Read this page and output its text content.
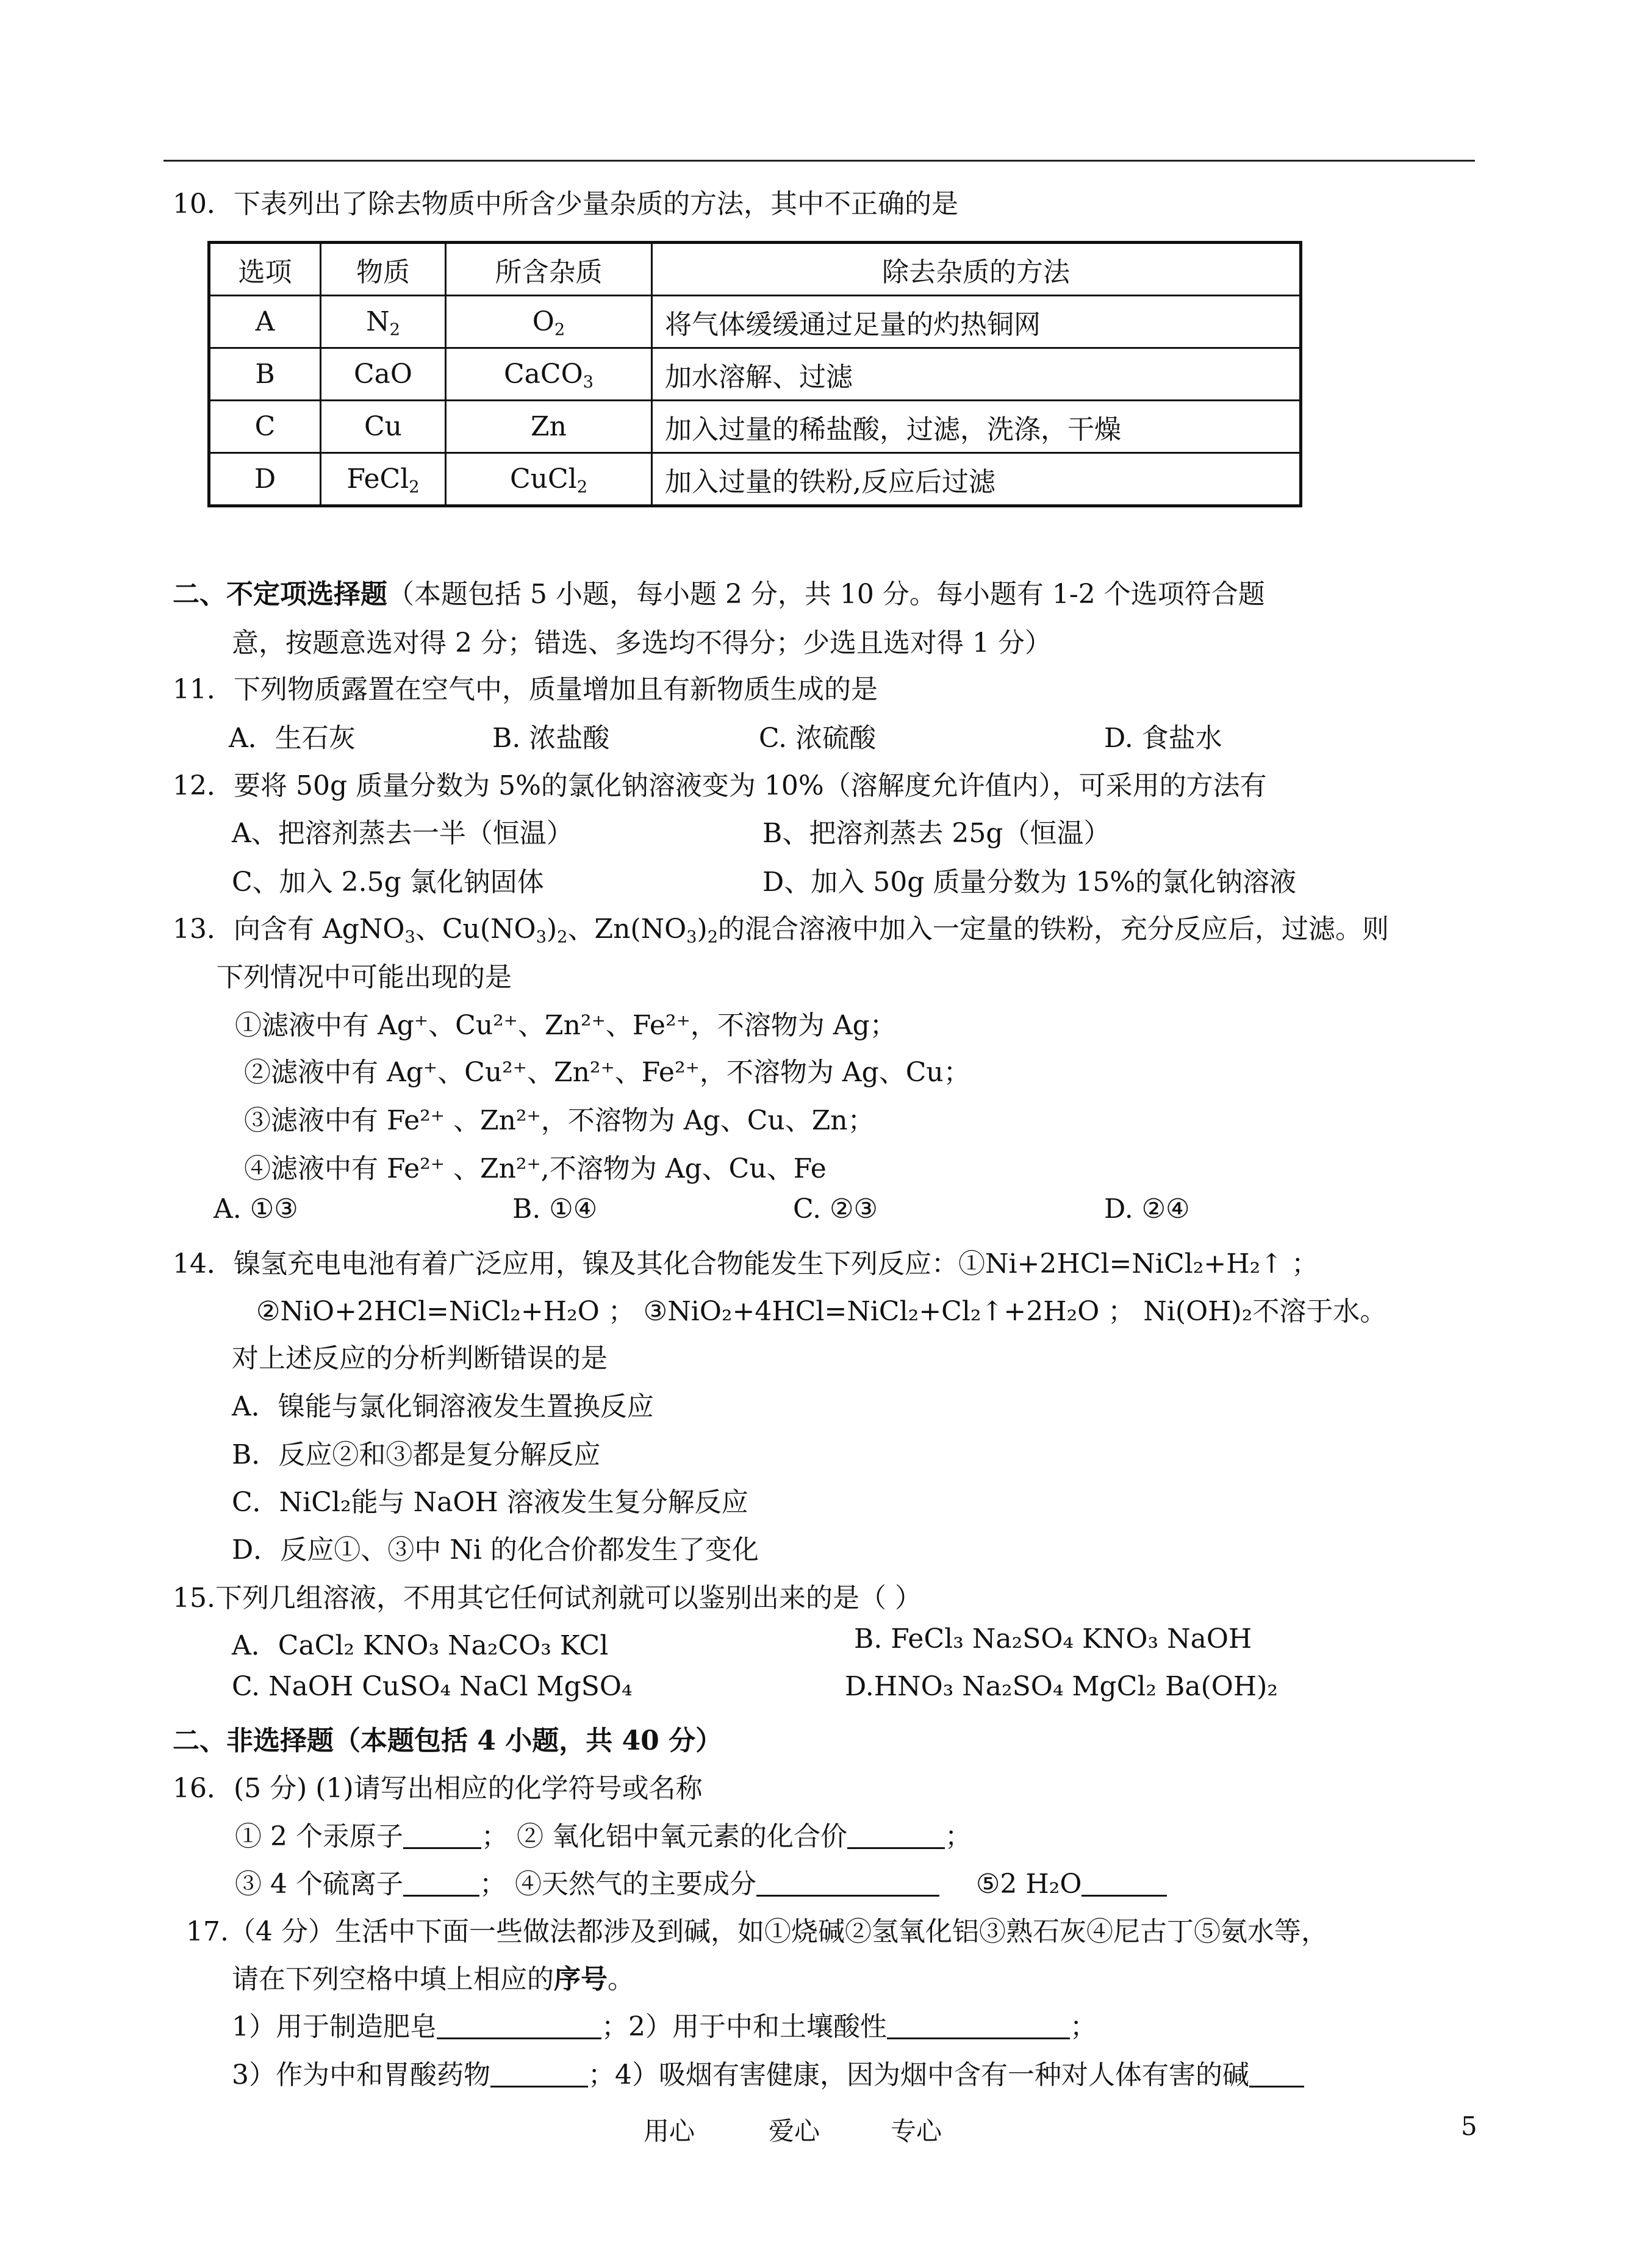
10．下表列出了除去物质中所含少量杂质的方法，其中不正确的是
选项	物质	所含杂质	除去杂质的方法
A	$N_2$	$O_2$	将气体缓缓通过足量的灼热铜网
B	CaO	CaCO$_3$	加水溶解、过滤
C	Cu	Zn	加入过量的稀盐酸，过滤，洗涤，干燥
D	FeCl$_2$	CuCl$_2$	加入过量的铁粉,反应后过滤
二、不定项选择题（本题包括 5 小题，每小题 2 分，共 10 分。每小题有 1-2 个选项符合题
意，按题意选对得 2 分；错选、多选均不得分；少选且选对得 1 分）
11．下列物质露置在空气中，质量增加且有新物质生成的是
A．生石灰	B. 浓盐酸	C. 浓硫酸	D. 食盐水
12．要将 50g 质量分数为 5%的氯化钠溶液变为 10%（溶解度允许值内），可采用的方法有
A、把溶剂蒸去一半（恒温）	B、把溶剂蒸去 25g（恒温）
C、加入 2.5g 氯化钠固体	D、加入 50g 质量分数为 15%的氯化钠溶液
13．向含有 AgNO$_3$、$Cu(NO_3)_2$、$Zn(NO_3)_2$的混合溶液中加入一定量的铁粉，充分反应后，过滤。则
下列情况中可能出现的是
①滤液中有 Ag⁺、Cu²⁺、Zn²⁺、Fe²⁺，不溶物为 Ag；
②滤液中有 Ag⁺、Cu²⁺、Zn²⁺、Fe²⁺，不溶物为 Ag、Cu；
③滤液中有 Fe²⁺ 、Zn²⁺，不溶物为 Ag、Cu、Zn；
④滤液中有 Fe²⁺ 、Zn²⁺,不溶物为 Ag、Cu、Fe
A. ①③	B. ①④	C. ②③	D. ②④
14．镍氢充电电池有着广泛应用，镍及其化合物能发生下列反应：①Ni+2HCl=NiCl₂+H₂↑ ；
②NiO+2HCl=NiCl₂+H₂O ； ③NiO₂+4HCl=NiCl₂+Cl₂↑+2H₂O ； Ni(OH)₂不溶于水。
对上述反应的分析判断错误的是
A．镍能与氯化铜溶液发生置换反应
B．反应②和③都是复分解反应
C．NiCl₂能与 NaOH 溶液发生复分解反应
D．反应①、③中 Ni 的化合价都发生了变化
15.下列几组溶液，不用其它任何试剂就可以鉴别出来的是（ ）
A．CaCl₂ KNO₃ Na₂CO₃ KCl	B. FeCl₃ Na₂SO₄ KNO₃ NaOH
C. NaOH CuSO₄ NaCl MgSO₄	D.HNO₃ Na₂SO₄ MgCl₂ Ba(OH)₂
二、非选择题（本题包括 4 小题，共 40 分）
16．(5 分) (1)请写出相应的化学符号或名称
① 2 个汞原子	； ② 氧化铝中氧元素的化合价	；
③ 4 个硫离子	； ④天然气的主要成分	⑤2 H₂O
17.（4 分）生活中下面一些做法都涉及到碱，如①烧碱②氢氧化铝③熟石灰④尼古丁⑤氨水等，
请在下列空格中填上相应的序号。
1）用于制造肥皂	；2）用于中和土壤酸性	；
3）作为中和胃酸药物	；4）吸烟有害健康，因为烟中含有一种对人体有害的碱
用心	爱心	专心	5
